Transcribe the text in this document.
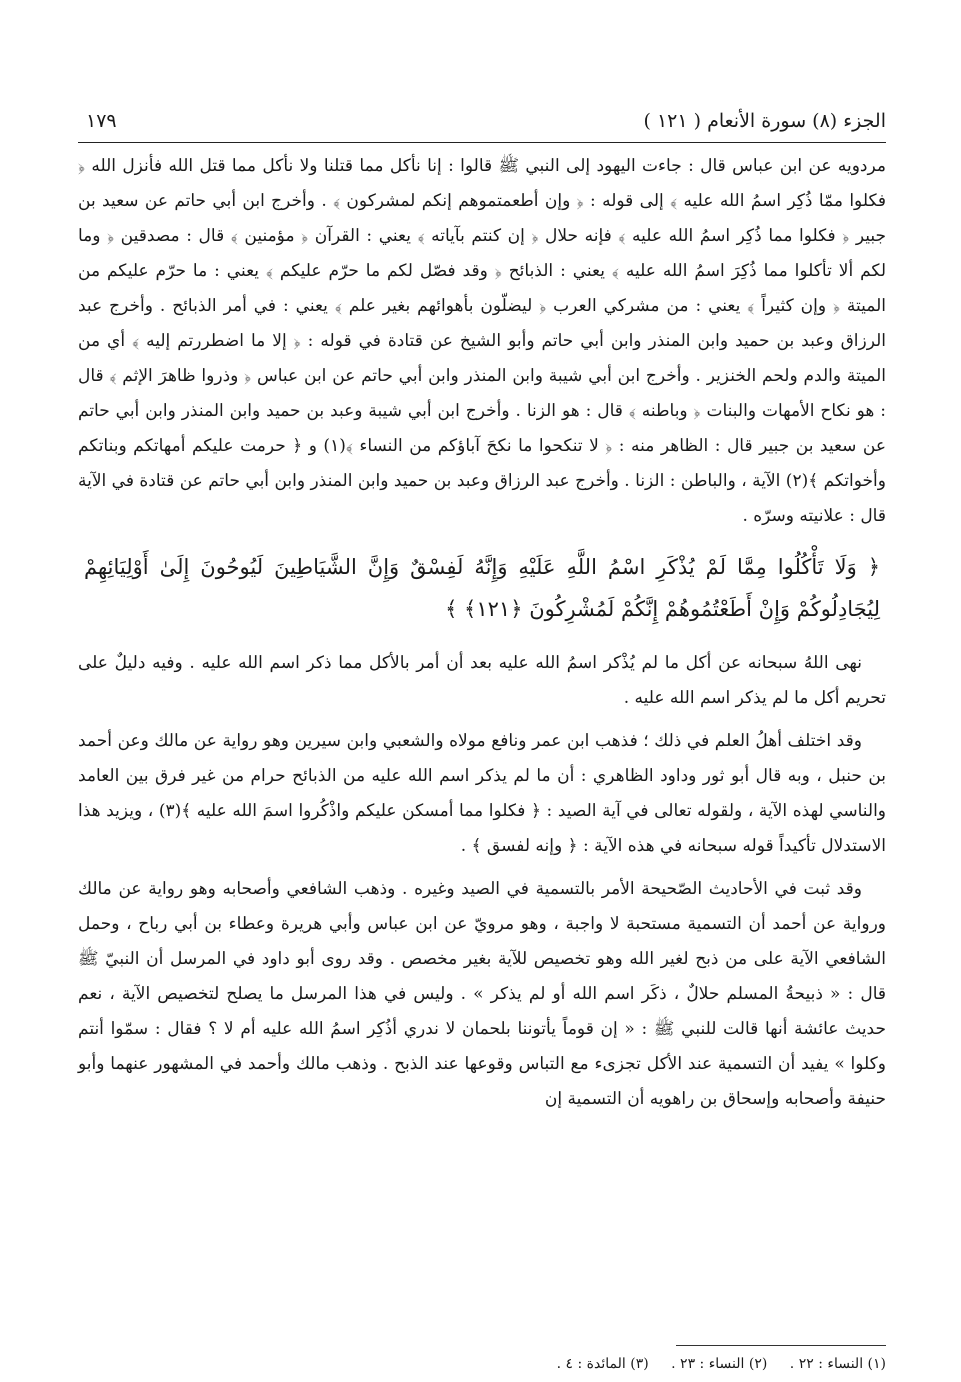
الجزء (٨) سورة الأنعام ( ١٢١ )
١٧٩

مردويه عن ابن عباس قال : جاءت اليهود إلى النبي ﷺ قالوا : إنا نأكل مما قتلنا ولا نأكل مما قتل الله فأنزل الله ﴿ فكلوا ممّا ذُكِر اسمُ الله عليه ﴾ إلى قوله : ﴿ وإن أطعمتموهم إنكم لمشركون ﴾ . وأخرج ابن أبي حاتم عن سعيد بن جبير ﴿ فكلوا مما ذُكِر اسمُ الله عليه ﴾ فإنه حلال ﴿ إن كنتم بآياته ﴾ يعني : القرآن ﴿ مؤمنين ﴾ قال : مصدقين ﴿ وما لكم ألا تأكلوا مما ذُكِرَ اسمُ الله عليه ﴾ يعني : الذبائح ﴿ وقد فصّل لكم ما حرّم عليكم ﴾ يعني : ما حرّم عليكم من الميتة ﴿ وإن كثيراً ﴾ يعني : من مشركي العرب ﴿ ليضلّون بأهوائهم بغير علم ﴾ يعني : في أمر الذبائح . وأخرج عبد الرزاق وعبد بن حميد وابن المنذر وابن أبي حاتم وأبو الشيخ عن قتادة في قوله : ﴿ إلا ما اضطررتم إليه ﴾ أي من الميتة والدم ولحم الخنزير . وأخرج ابن أبي شيبة وابن المنذر وابن أبي حاتم عن ابن عباس ﴿ وذروا ظاهرَ الإثم ﴾ قال : هو نكاح الأمهات والبنات ﴿ وباطنه ﴾ قال : هو الزنا . وأخرج ابن أبي شيبة وعبد بن حميد وابن المنذر وابن أبي حاتم عن سعيد بن جبير قال : الظاهر منه : ﴿ لا تنكحوا ما نكحَ آباؤكم من النساء ﴾(١) و ﴿ حرمت عليكم أمهاتكم وبناتكم وأخواتكم ﴾(٢) الآية ، والباطن : الزنا . وأخرج عبد الرزاق وعبد بن حميد وابن المنذر وابن أبي حاتم عن قتادة في الآية قال : علانيته وسرّه .

﴿ وَلَا تَأْكُلُوا مِمَّا لَمْ يُذْكَرِ اسْمُ اللَّهِ عَلَيْهِ وَإِنَّهُ لَفِسْقٌ وَإِنَّ الشَّيَاطِينَ لَيُوحُونَ إِلَىٰ أَوْلِيَائِهِمْ لِيُجَادِلُوكُمْ وَإِنْ أَطَعْتُمُوهُمْ إِنَّكُمْ لَمُشْرِكُونَ ﴿١٢١﴾ ﴾

نهى اللهُ سبحانه عن أكل ما لم يُذْكر اسمُ الله عليه بعد أن أمر بالأكل مما ذكر اسم الله عليه . وفيه دليلٌ على تحريم أكل ما لم يذكر اسم الله عليه .

وقد اختلف أهلُ العلم في ذلك ؛ فذهب ابن عمر ونافع مولاه والشعبي وابن سيرين وهو رواية عن مالك وعن أحمد بن حنبل ، وبه قال أبو ثور وداود الظاهري : أن ما لم يذكر اسم الله عليه من الذبائح حرام من غير فرق بين العامد والناسي لهذه الآية ، ولقوله تعالى في آية الصيد : ﴿ فكلوا مما أمسكن عليكم واذْكُروا اسمَ الله عليه ﴾(٣) ، ويزيد هذا الاستدلال تأكيداً قوله سبحانه في هذه الآية : ﴿ وإنه لفسق ﴾ .

وقد ثبت في الأحاديث الصّحيحة الأمر بالتسمية في الصيد وغيره . وذهب الشافعي وأصحابه وهو رواية عن مالك ورواية عن أحمد أن التسمية مستحبة لا واجبة ، وهو مرويّ عن ابن عباس وأبي هريرة وعطاء بن أبي رباح ، وحمل الشافعي الآية على من ذبح لغير الله وهو تخصيص للآية بغير مخصص . وقد روى أبو داود في المرسل أن النبيّ ﷺ قال : « ذبيحةُ المسلم حلالٌ ، ذكَر اسم الله أو لم يذكر » . وليس في هذا المرسل ما يصلح لتخصيص الآية ، نعم حديث عائشة أنها قالت للنبي ﷺ : « إن قوماً يأتوننا بلحمان لا ندري أذُكِر اسمُ الله عليه أم لا ؟ فقال : سمّوا أنتم وكلوا » يفيد أن التسمية عند الأكل تجزىء مع التباس وقوعها عند الذبح . وذهب مالك وأحمد في المشهور عنهما وأبو حنيفة وأصحابه وإسحاق بن راهويه أن التسمية إن

(١) النساء : ٢٢ . (٢) النساء : ٢٣ . (٣) المائدة : ٤ .
